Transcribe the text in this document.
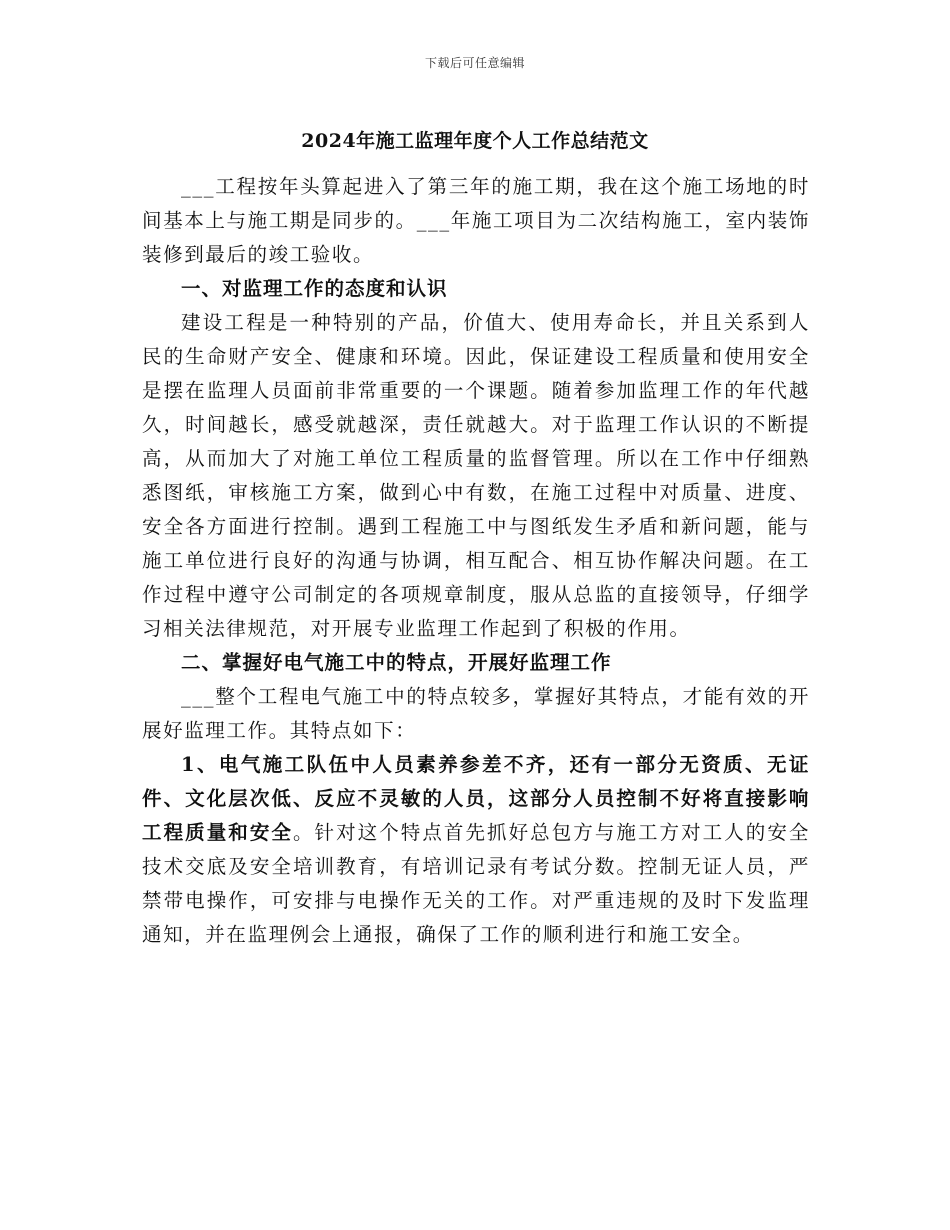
下载后可任意编辑
2024年施工监理年度个人工作总结范文

___工程按年头算起进入了第三年的施工期，我在这个施工场地的时间基本上与施工期是同步的。___年施工项目为二次结构施工，室内装饰装修到最后的竣工验收。

一、对监理工作的态度和认识

建设工程是一种特别的产品，价值大、使用寿命长，并且关系到人民的生命财产安全、健康和环境。因此，保证建设工程质量和使用安全是摆在监理人员面前非常重要的一个课题。随着参加监理工作的年代越久，时间越长，感受就越深，责任就越大。对于监理工作认识的不断提高，从而加大了对施工单位工程质量的监督管理。所以在工作中仔细熟悉图纸，审核施工方案，做到心中有数，在施工过程中对质量、进度、安全各方面进行控制。遇到工程施工中与图纸发生矛盾和新问题，能与施工单位进行良好的沟通与协调，相互配合、相互协作解决问题。在工作过程中遵守公司制定的各项规章制度，服从总监的直接领导，仔细学习相关法律规范，对开展专业监理工作起到了积极的作用。

二、掌握好电气施工中的特点，开展好监理工作

___整个工程电气施工中的特点较多，掌握好其特点，才能有效的开展好监理工作。其特点如下：

1、电气施工队伍中人员素养参差不齐，还有一部分无资质、无证件、文化层次低、反应不灵敏的人员，这部分人员控制不好将直接影响工程质量和安全。针对这个特点首先抓好总包方与施工方对工人的安全技术交底及安全培训教育，有培训记录有考试分数。控制无证人员，严禁带电操作，可安排与电操作无关的工作。对严重违规的及时下发监理通知，并在监理例会上通报，确保了工作的顺利进行和施工安全。
